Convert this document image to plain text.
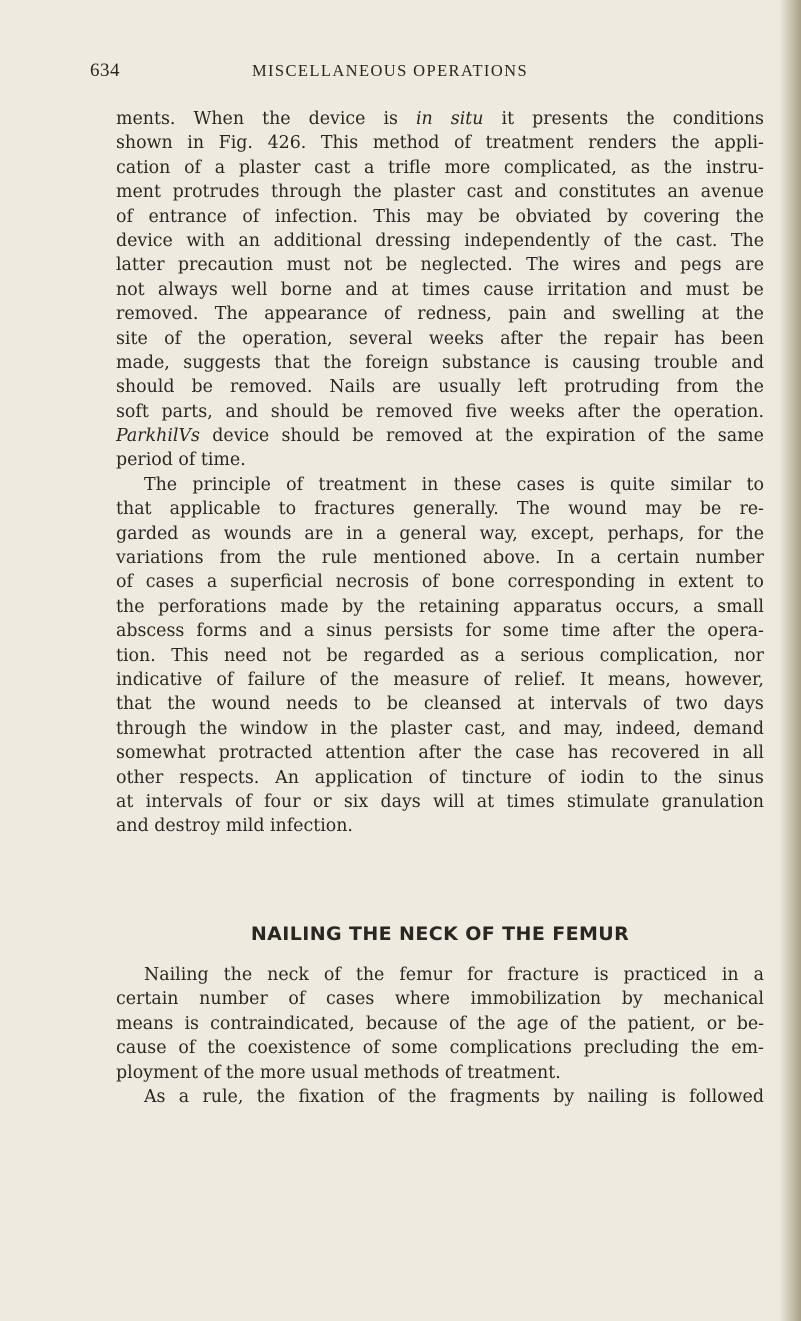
634	MISCELLANEOUS OPERATIONS
ments. When the device is in situ it presents the conditions
shown in Fig. 426. This method of treatment renders the appli-
cation of a plaster cast a trifle more complicated, as the instru-
ment protrudes through the plaster cast and constitutes an avenue
of entrance of infection. This may be obviated by covering the
device with an additional dressing independently of the cast. The
latter precaution must not be neglected. The wires and pegs are
not always well borne and at times cause irritation and must be
removed. The appearance of redness, pain and swelling at the
site of the operation, several weeks after the repair has been
made, suggests that the foreign substance is causing trouble and
should be removed. Nails are usually left protruding from the
soft parts, and should be removed five weeks after the operation.
ParkhilVs device should be removed at the expiration of the same
period of time.
The principle of treatment in these cases is quite similar to
that applicable to fractures generally. The wound may be re-
garded as wounds are in a general way, except, perhaps, for the
variations from the rule mentioned above. In a certain number
of cases a superficial necrosis of bone corresponding in extent to
the perforations made by the retaining apparatus occurs, a small
abscess forms and a sinus persists for some time after the opera-
tion. This need not be regarded as a serious complication, nor
indicative of failure of the measure of relief. It means, however,
that the wound needs to be cleansed at intervals of two days
through the window in the plaster cast, and may, indeed, demand
somewhat protracted attention after the case has recovered in all
other respects. An application of tincture of iodin to the sinus
at intervals of four or six days will at times stimulate granulation
and destroy mild infection.
NAILING THE NECK OF THE FEMUR
Nailing the neck of the femur for fracture is practiced in a
certain number of cases where immobilization by mechanical
means is contraindicated, because of the age of the patient, or be-
cause of the coexistence of some complications precluding the em-
ployment of the more usual methods of treatment.
As a rule, the fixation of the fragments by nailing is followed
